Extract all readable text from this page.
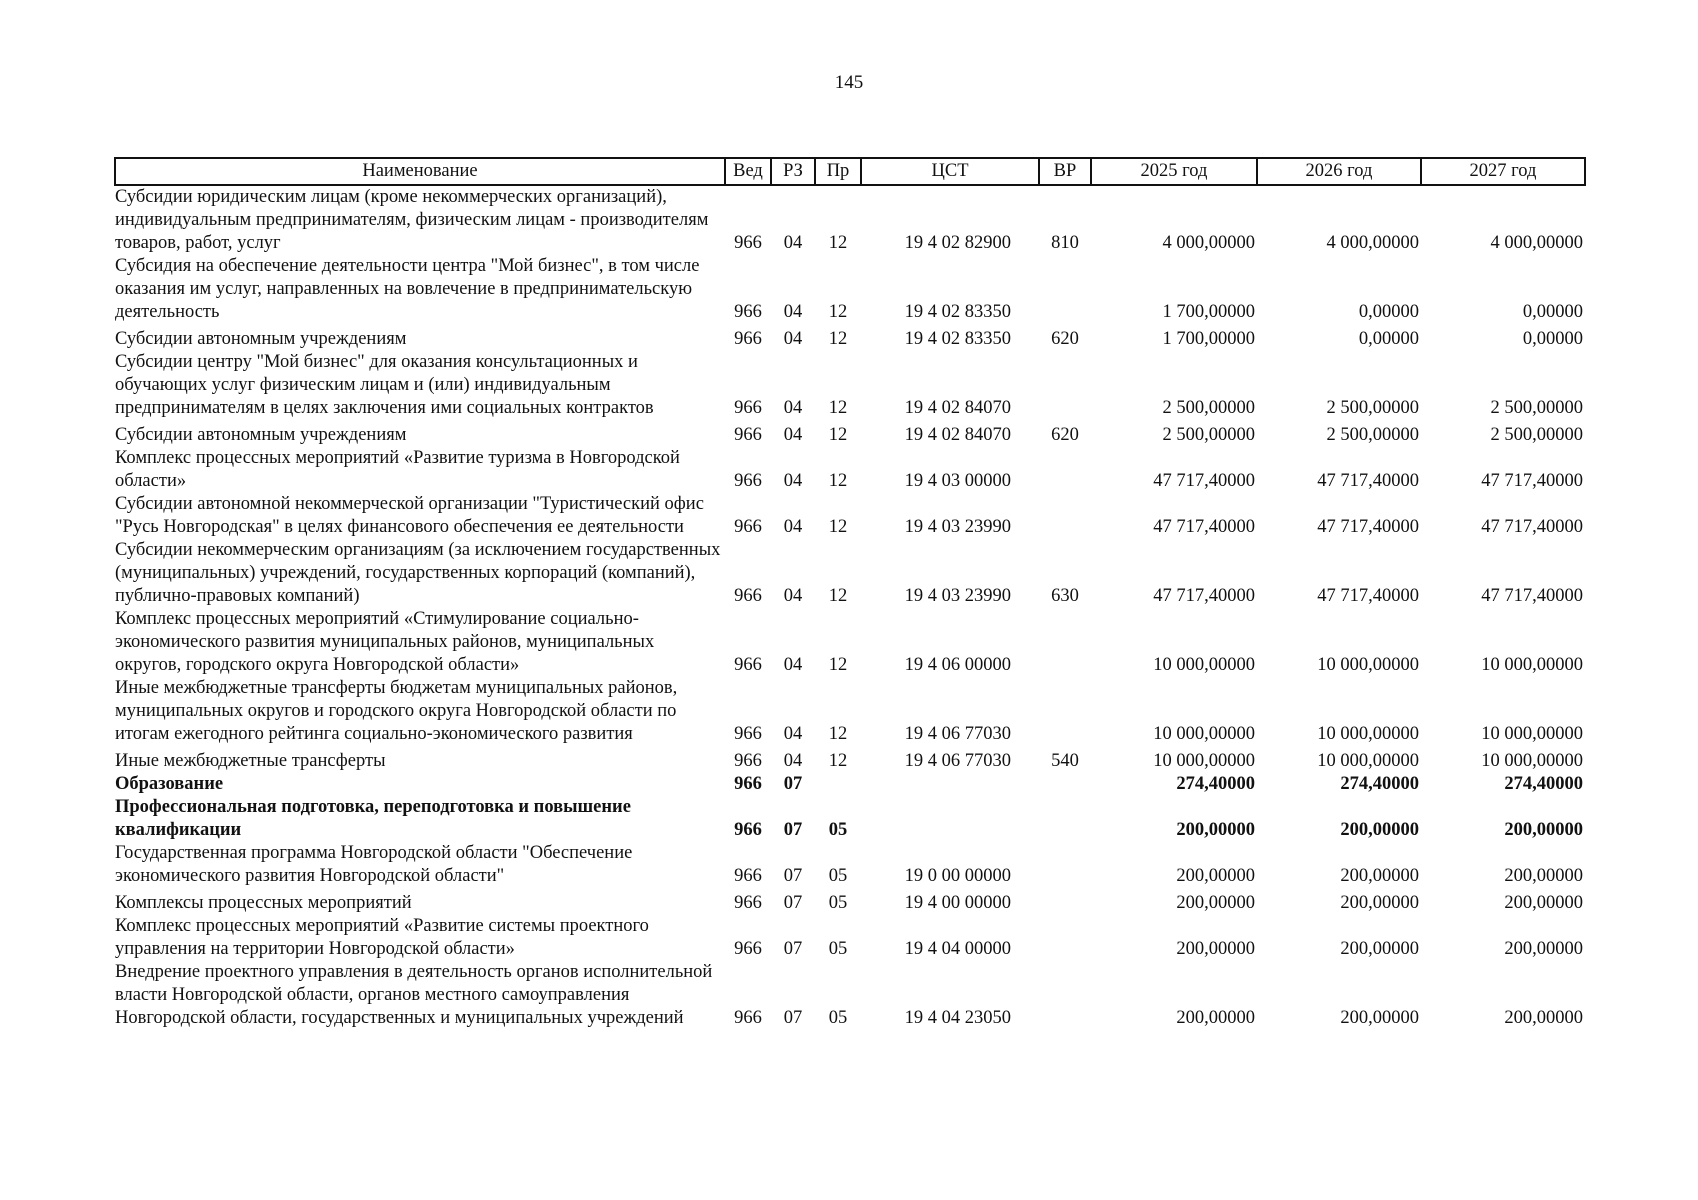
145
Наименование	Вед	РЗ	Пр	ЦСТ	ВР	2025 год	2026 год	2027 год
Субсидии юридическим лицам (кроме некоммерческих организаций), индивидуальным предпринимателям, физическим лицам - производителям товаров, работ, услуг	966	04	12	19 4 02 82900	810	4 000,00000	4 000,00000	4 000,00000
Субсидия на обеспечение деятельности центра "Мой бизнес", в том числе оказания им услуг, направленных на вовлечение в предпринимательскую деятельность	966	04	12	19 4 02 83350		1 700,00000	0,00000	0,00000
Субсидии автономным учреждениям	966	04	12	19 4 02 83350	620	1 700,00000	0,00000	0,00000
Субсидии центру "Мой бизнес" для оказания консультационных и обучающих услуг физическим лицам и (или) индивидуальным предпринимателям в целях заключения ими социальных контрактов	966	04	12	19 4 02 84070		2 500,00000	2 500,00000	2 500,00000
Субсидии автономным учреждениям	966	04	12	19 4 02 84070	620	2 500,00000	2 500,00000	2 500,00000
Комплекс процессных мероприятий «Развитие туризма в Новгородской области»	966	04	12	19 4 03 00000		47 717,40000	47 717,40000	47 717,40000
Субсидии автономной некоммерческой организации "Туристический офис "Русь Новгородская" в целях финансового обеспечения ее деятельности	966	04	12	19 4 03 23990		47 717,40000	47 717,40000	47 717,40000
Субсидии некоммерческим организациям (за исключением государственных (муниципальных) учреждений, государственных корпораций (компаний), публично-правовых компаний)	966	04	12	19 4 03 23990	630	47 717,40000	47 717,40000	47 717,40000
Комплекс процессных мероприятий «Стимулирование социально-экономического развития муниципальных районов, муниципальных округов, городского округа Новгородской области»	966	04	12	19 4 06 00000		10 000,00000	10 000,00000	10 000,00000
Иные межбюджетные трансферты бюджетам муниципальных районов, муниципальных округов и городского округа Новгородской области по итогам ежегодного рейтинга социально-экономического развития	966	04	12	19 4 06 77030		10 000,00000	10 000,00000	10 000,00000
Иные межбюджетные трансферты	966	04	12	19 4 06 77030	540	10 000,00000	10 000,00000	10 000,00000
Образование	966	07				274,40000	274,40000	274,40000
Профессиональная подготовка, переподготовка и повышение квалификации	966	07	05			200,00000	200,00000	200,00000
Государственная программа Новгородской области "Обеспечение экономического развития Новгородской области"	966	07	05	19 0 00 00000		200,00000	200,00000	200,00000
Комплексы процессных мероприятий	966	07	05	19 4 00 00000		200,00000	200,00000	200,00000
Комплекс процессных мероприятий «Развитие системы проектного управления на территории Новгородской области»	966	07	05	19 4 04 00000		200,00000	200,00000	200,00000
Внедрение проектного управления в деятельность органов исполнительной власти Новгородской области, органов местного самоуправления Новгородской области, государственных и муниципальных учреждений	966	07	05	19 4 04 23050		200,00000	200,00000	200,00000
